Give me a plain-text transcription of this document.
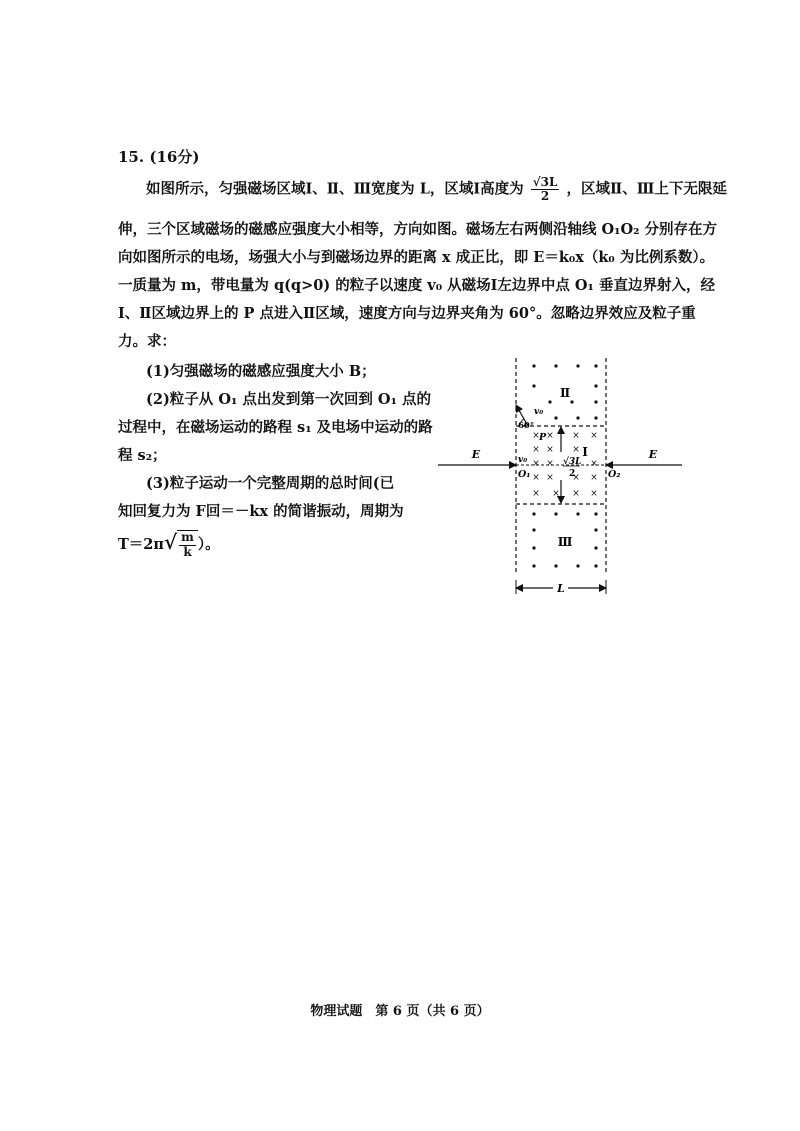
15. (16分)
如图所示，匀强磁场区域Ⅰ、Ⅱ、Ⅲ宽度为 L，区域Ⅰ高度为 $\frac{√3L}{2}$ ，区域Ⅱ、Ⅲ上下无限延
伸，三个区域磁场的磁感应强度大小相等，方向如图。磁场左右两侧沿轴线 O₁O₂ 分别存在方
向如图所示的电场，场强大小与到磁场边界的距离 x 成正比，即 E＝k₀x（k₀ 为比例系数）。
一质量为 m，带电量为 q(q>0) 的粒子以速度 v₀ 从磁场Ⅰ左边界中点 O₁ 垂直边界射入，经
Ⅰ、Ⅱ区域边界上的 P 点进入Ⅱ区域，速度方向与边界夹角为 60°。忽略边界效应及粒子重
力。求：
(1)匀强磁场的磁感应强度大小 B；
(2)粒子从 O₁ 点出发到第一次回到 O₁ 点的
过程中，在磁场运动的路程 s₁ 及电场中运动的路
程 s₂；
(3)粒子运动一个完整周期的总时间(已
知回复力为 F回＝－kx 的简谐振动，周期为
$T=2\pi√ \frac{m}{k}$ ）。
× × × ×
× × ×
× ×	×
× × × ×
× × × ×
E	E
Ⅱ
Ⅰ
Ⅲ
v₀
v₀
60°
P
O₁	O₂
√3L
2
L
物理试题　第 6 页（共 6 页）
